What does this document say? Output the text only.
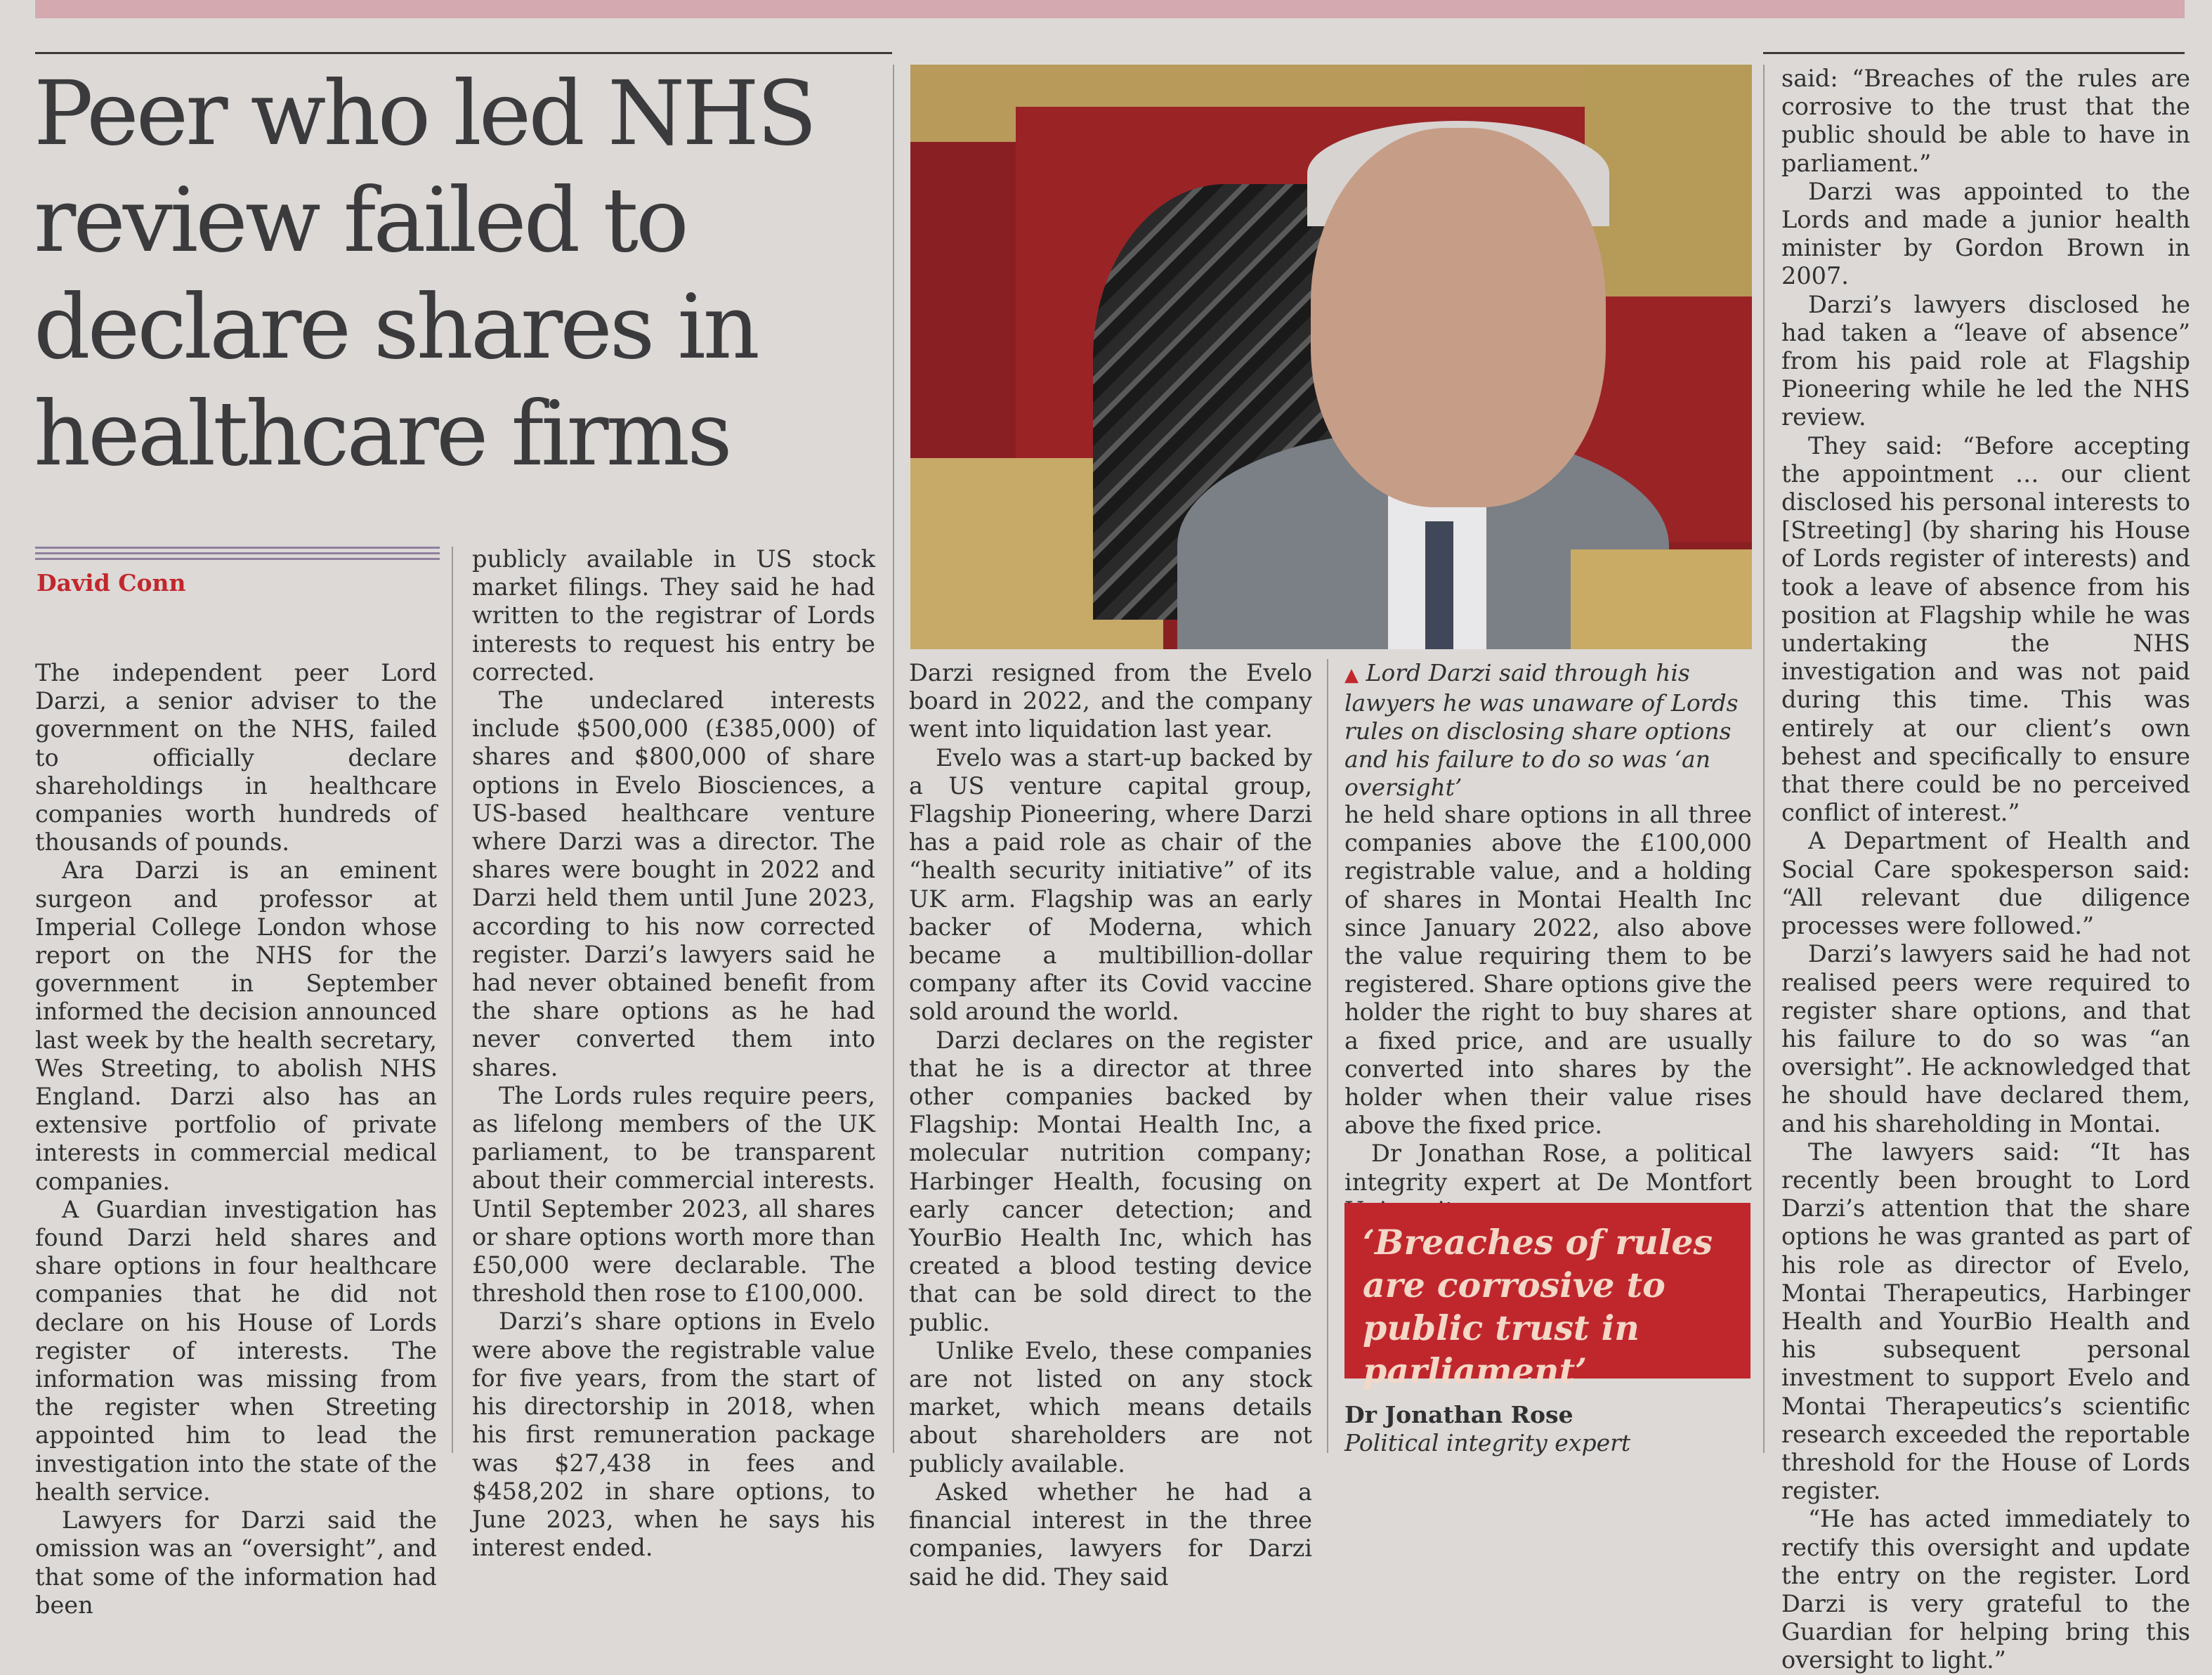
Peer who led NHS review failed to declare shares in healthcare firms
David Conn

The independent peer Lord Darzi, a senior adviser to the government on the NHS, failed to officially declare shareholdings in healthcare companies worth hundreds of thousands of pounds.

Ara Darzi is an eminent surgeon and professor at Imperial College London whose report on the NHS for the government in September informed the decision announced last week by the health secretary, Wes Streeting, to abolish NHS England. Darzi also has an extensive portfolio of private interests in commercial medical companies.

A Guardian investigation has found Darzi held shares and share options in four healthcare companies that he did not declare on his House of Lords register of interests. The information was missing from the register when Streeting appointed him to lead the investigation into the state of the health service.

Lawyers for Darzi said the omission was an “oversight”, and that some of the information had been

publicly available in US stock market filings. They said he had written to the registrar of Lords interests to request his entry be corrected.

The undeclared interests include $500,000 (£385,000) of shares and $800,000 of share options in Evelo Biosciences, a US-based healthcare venture where Darzi was a director. The shares were bought in 2022 and Darzi held them until June 2023, according to his now corrected register. Darzi’s lawyers said he had never obtained benefit from the share options as he had never converted them into shares.

The Lords rules require peers, as lifelong members of the UK parliament, to be transparent about their commercial interests. Until September 2023, all shares or share options worth more than £50,000 were declarable. The threshold then rose to £100,000.

Darzi’s share options in Evelo were above the registrable value for five years, from the start of his directorship in 2018, when his first remuneration package was $27,438 in fees and $458,202 in share options, to June 2023, when he says his interest ended.

Darzi resigned from the Evelo board in 2022, and the company went into liquidation last year.

Evelo was a start-up backed by a US venture capital group, Flagship Pioneering, where Darzi has a paid role as chair of the “health security initiative” of its UK arm. Flagship was an early backer of Moderna, which became a multibillion-dollar company after its Covid vaccine sold around the world.

Darzi declares on the register that he is a director at three other companies backed by Flagship: Montai Health Inc, a molecular nutrition company; Harbinger Health, focusing on early cancer detection; and YourBio Health Inc, which has created a blood testing device that can be sold direct to the public.

Unlike Evelo, these companies are not listed on any stock market, which means details about shareholders are not publicly available.

Asked whether he had a financial interest in the three companies, lawyers for Darzi said he did. They said

▲ Lord Darzi said through his lawyers he was unaware of Lords rules on disclosing share options and his failure to do so was ‘an oversight’

he held share options in all three companies above the £100,000 registrable value, and a holding of shares in Montai Health Inc since January 2022, also above the value requiring them to be registered. Share options give the holder the right to buy shares at a fixed price, and are usually converted into shares by the holder when their value rises above the fixed price.

Dr Jonathan Rose, a political integrity expert at De Montfort

‘Breaches of rules are corrosive to public trust in parliament’
Dr Jonathan Rose
Political integrity expert

said: “Breaches of the rules are corrosive to the trust that the public should be able to have in parliament.”

Darzi was appointed to the Lords and made a junior health minister by Gordon Brown in 2007.

Darzi’s lawyers disclosed he had taken a “leave of absence” from his paid role at Flagship Pioneering while he led the NHS review.

They said: “Before accepting the appointment … our client disclosed his personal interests to [Streeting] (by sharing his House of Lords register of interests) and took a leave of absence from his position at Flagship while he was undertaking the NHS investigation and was not paid during this time. This was entirely at our client’s own behest and specifically to ensure that there could be no perceived conflict of interest.”

A Department of Health and Social Care spokesperson said: “All relevant due diligence processes were followed.”

Darzi’s lawyers said he had not realised peers were required to register share options, and that his failure to do so was “an oversight”. He acknowledged that he should have declared them, and his shareholding in Montai.

The lawyers said: “It has recently been brought to Lord Darzi’s attention that the share options he was granted as part of his role as director of Evelo, Montai Therapeutics, Harbinger Health and YourBio Health and his subsequent personal investment to support Evelo and Montai Therapeutics’s scientific research exceeded the reportable threshold for the House of Lords register.

“He has acted immediately to rectify this oversight and update the entry on the register. Lord Darzi is very grateful to the Guardian for helping bring this oversight to light.”
